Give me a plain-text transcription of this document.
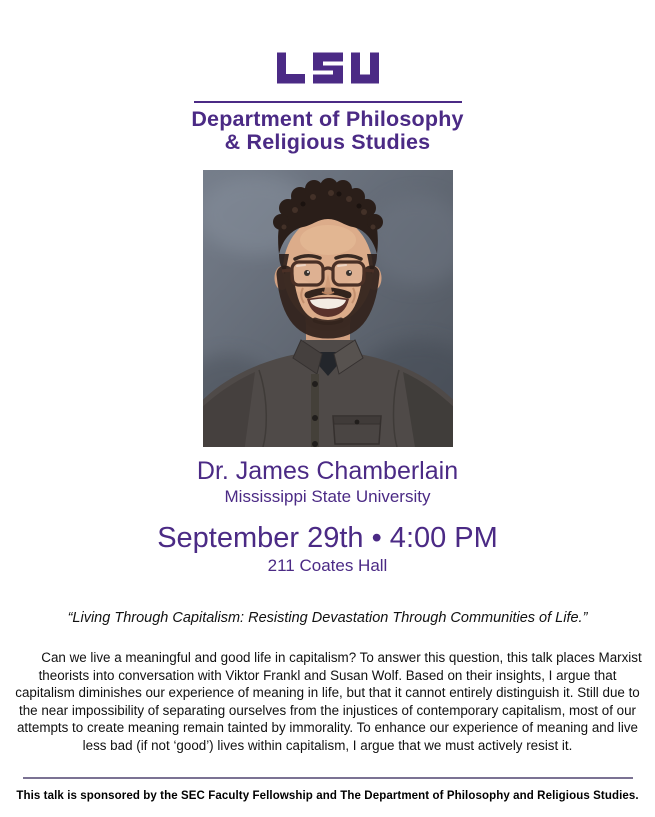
Department of Philosophy
& Religious Studies
Dr. James Chamberlain
Mississippi State University
September 29th • 4:00 PM
211 Coates Hall
“Living Through Capitalism: Resisting Devastation Through Communities of Life.”
Can we live a meaningful and good life in capitalism? To answer this question, this talk places Marxist theorists into conversation with Viktor Frankl and Susan Wolf. Based on their insights, I argue that capitalism diminishes our experience of meaning in life, but that it cannot entirely distinguish it. Still due to the near impossibility of separating ourselves from the injustices of contemporary capitalism, most of our attempts to create meaning remain tainted by immorality. To enhance our experience of meaning and live less bad (if not ‘good’) lives within capitalism, I argue that we must actively resist it.
This talk is sponsored by the SEC Faculty Fellowship and The Department of Philosophy and Religious Studies.
